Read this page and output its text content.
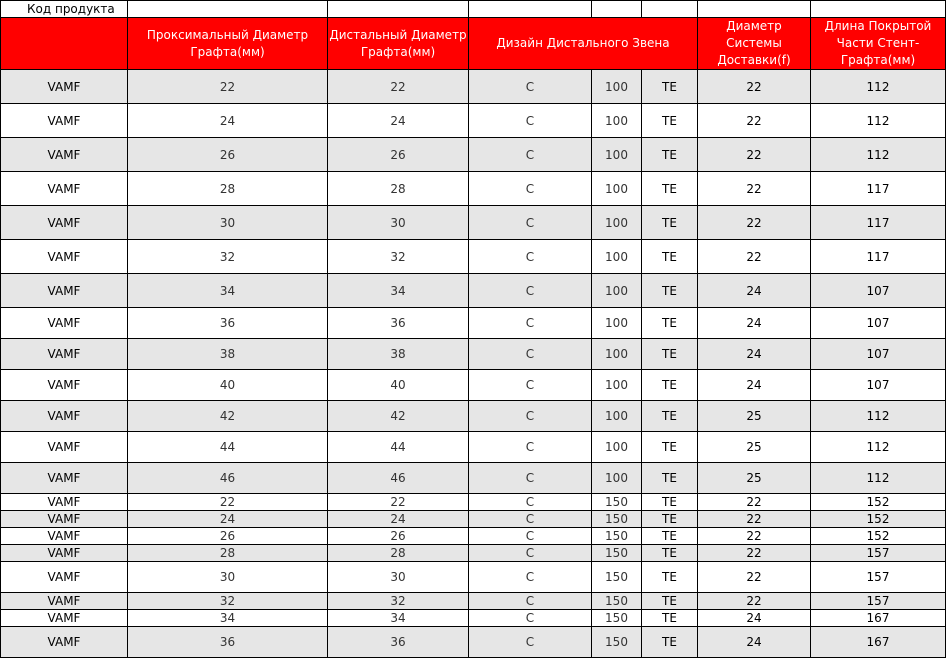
Код продукта							
	Проксимальный Диаметр Графта(мм)	Дистальный Диаметр Графта(мм)	Дизайн Дистального Звена			Диаметр Системы Доставки(f)	Длина Покрытой Части Стент-Графта(мм)
VAMF	22	22	C	100	TE	22	112
VAMF	24	24	C	100	TE	22	112
VAMF	26	26	C	100	TE	22	112
VAMF	28	28	C	100	TE	22	117
VAMF	30	30	C	100	TE	22	117
VAMF	32	32	C	100	TE	22	117
VAMF	34	34	C	100	TE	24	107
VAMF	36	36	C	100	TE	24	107
VAMF	38	38	C	100	TE	24	107
VAMF	40	40	C	100	TE	24	107
VAMF	42	42	C	100	TE	25	112
VAMF	44	44	C	100	TE	25	112
VAMF	46	46	C	100	TE	25	112
VAMF	22	22	C	150	TE	22	152
VAMF	24	24	C	150	TE	22	152
VAMF	26	26	C	150	TE	22	152
VAMF	28	28	C	150	TE	22	157
VAMF	30	30	C	150	TE	22	157
VAMF	32	32	C	150	TE	22	157
VAMF	34	34	C	150	TE	24	167
VAMF	36	36	C	150	TE	24	167
